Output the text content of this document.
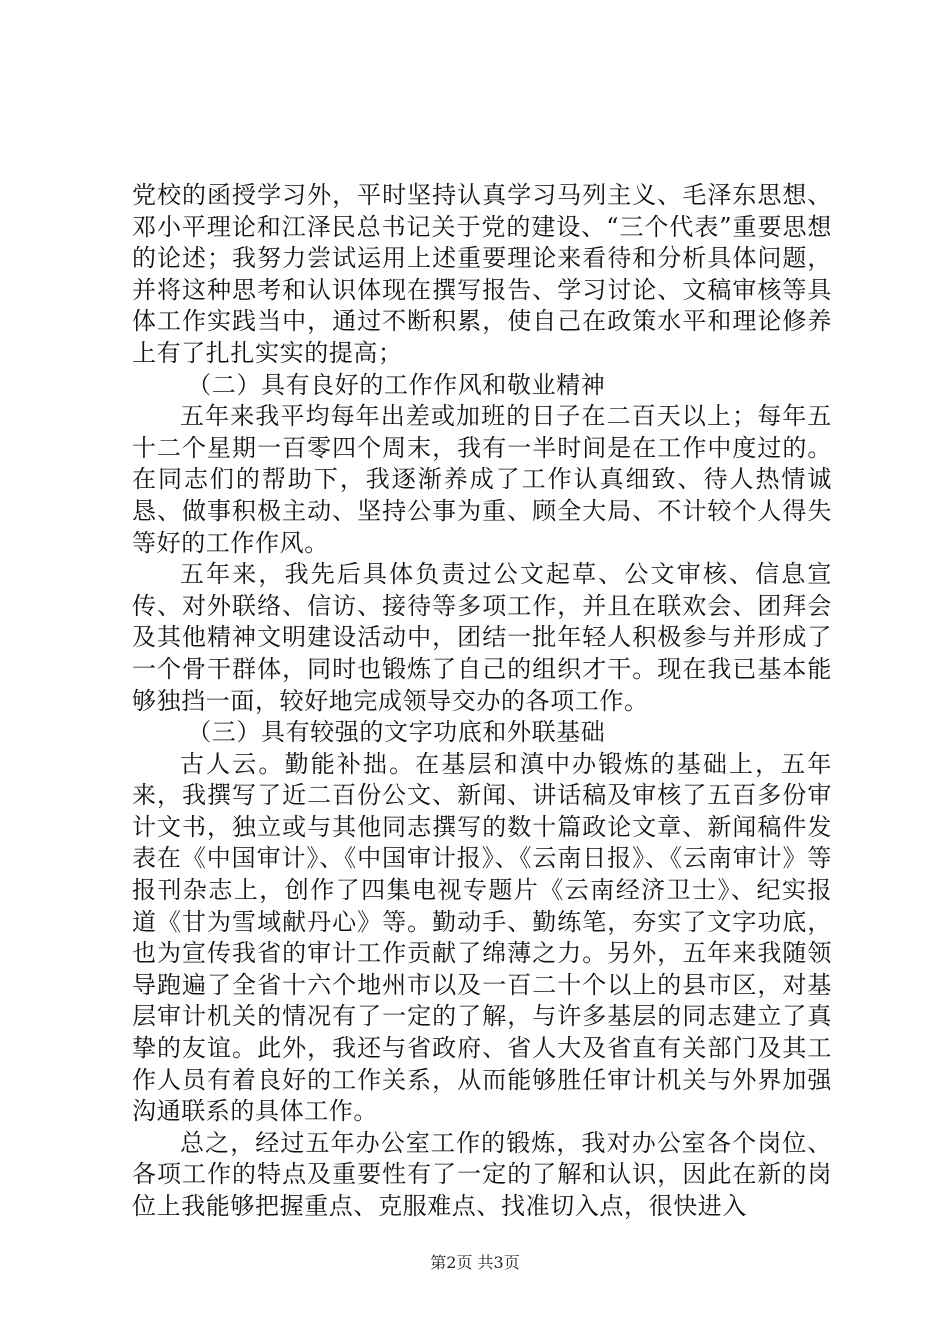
党校的函授学习外，平时坚持认真学习马列主义、毛泽东思想、邓小平理论和江泽民总书记关于党的建设、“三个代表”重要思想的论述；我努力尝试运用上述重要理论来看待和分析具体问题，并将这种思考和认识体现在撰写报告、学习讨论、文稿审核等具体工作实践当中，通过不断积累，使自己在政策水平和理论修养上有了扎扎实实的提高；

（二）具有良好的工作作风和敬业精神

五年来我平均每年出差或加班的日子在二百天以上；每年五十二个星期一百零四个周末，我有一半时间是在工作中度过的。在同志们的帮助下，我逐渐养成了工作认真细致、待人热情诚恳、做事积极主动、坚持公事为重、顾全大局、不计较个人得失等好的工作作风。

五年来，我先后具体负责过公文起草、公文审核、信息宣传、对外联络、信访、接待等多项工作，并且在联欢会、团拜会及其他精神文明建设活动中，团结一批年轻人积极参与并形成了一个骨干群体，同时也锻炼了自己的组织才干。现在我已基本能够独挡一面，较好地完成领导交办的各项工作。

（三）具有较强的文字功底和外联基础

古人云。勤能补拙。在基层和滇中办锻炼的基础上，五年来，我撰写了近二百份公文、新闻、讲话稿及审核了五百多份审计文书，独立或与其他同志撰写的数十篇政论文章、新闻稿件发表在《中国审计》、《中国审计报》、《云南日报》、《云南审计》等报刊杂志上，创作了四集电视专题片《云南经济卫士》、纪实报道《甘为雪域献丹心》等。勤动手、勤练笔，夯实了文字功底，也为宣传我省的审计工作贡献了绵薄之力。另外，五年来我随领导跑遍了全省十六个地州市以及一百二十个以上的县市区，对基层审计机关的情况有了一定的了解，与许多基层的同志建立了真挚的友谊。此外，我还与省政府、省人大及省直有关部门及其工作人员有着良好的工作关系，从而能够胜任审计机关与外界加强沟通联系的具体工作。

总之，经过五年办公室工作的锻炼，我对办公室各个岗位、各项工作的特点及重要性有了一定的了解和认识，因此在新的岗位上我能够把握重点、克服难点、找准切入点，很快进入

第2页 共3页
